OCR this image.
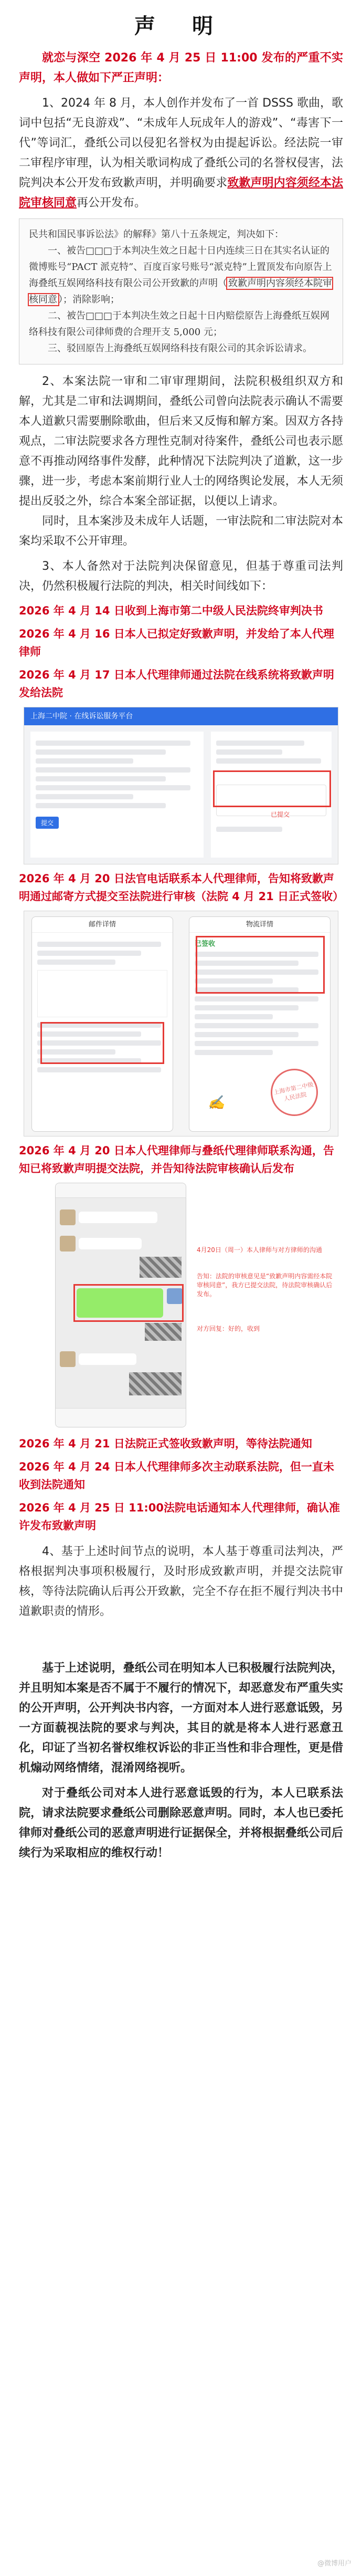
声 明

就恋与深空 2026 年 4 月 25 日 11:00 发布的严重不实声明，本人做如下严正声明：

1、2024 年 8 月，本人创作并发布了一首 DSSS 歌曲，歌词中包括“无良游戏”、“未成年人玩成年人的游戏”、“毒害下一代”等词汇，叠纸公司以侵犯名誉权为由提起诉讼。经法院一审二审程序审理，认为相关歌词构成了叠纸公司的名誉权侵害，法院判决本公开发布致歉声明，并明确要求致歉声明内容须经本法院审核同意再公开发布。

民共和国民事诉讼法》的解释》第八十五条规定，判决如下：
一、被告□□□于本判决生效之日起十日内连续三日在其实名认证的微博账号“PACT 派克特”、百度百家号账号“派克特”上置顶发布向原告上海叠纸互娱网络科技有限公司公开致歉的声明（ 致歉声明内容须经本院审核同意 ）；消除影响；
二、被告□□□于本判决生效之日起十日内赔偿原告上海叠纸互娱网络科技有限公司律师费的合理开支 5,000 元；
三、驳回原告上海叠纸互娱网络科技有限公司的其余诉讼请求。

2、本案法院一审和二审审理期间，法院积极组织双方和解，尤其是二审和法调期间，叠纸公司曾向法院表示确认不需要本人道歉只需要删除歌曲，但后来又反悔和解方案。因双方各持观点，二审法院要求各方理性克制对待案件，叠纸公司也表示愿意不再推动网络事件发酵，此种情况下法院判决了道歉，这一步骤，进一步，考虑本案前期行业人士的网络舆论发展，本人无须提出反驳之外，综合本案全部证据，以便以上请求。

同时，且本案涉及未成年人话题，一审法院和二审法院对本案均采取不公开审理。

3、本人备然对于法院判决保留意见，但基于尊重司法判决，仍然积极履行法院的判决，相关时间线如下：

2026 年 4 月 14 日收到上海市第二中级人民法院终审判决书
2026 年 4 月 16 日本人已拟定好致歉声明，并发给了本人代理律师
2026 年 4 月 17 日本人代理律师通过法院在线系统将致歉声明发给法院
上海二中院 · 在线诉讼服务平台
提交
已提交
2026 年 4 月 20 日法官电话联系本人代理律师，告知将致歉声明通过邮寄方式提交至法院进行审核（法院 4 月 21 日正式签收）
邮件详情	物流详情
已签收
上海市第二中级人民法院
✍
2026 年 4 月 20 日本人代理律师与叠纸代理律师联系沟通，告知已将致歉声明提交法院，并告知待法院审核确认后发布
4月20日（周一）本人律师与对方律师的沟通
告知：法院的审核意见是“致歉声明内容需经本院审核同意”，我方已提交法院，待法院审核确认后发布。
对方回复：好的，收到
2026 年 4 月 21 日法院正式签收致歉声明，等待法院通知
2026 年 4 月 24 日本人代理律师多次主动联系法院，但一直未收到法院通知
2026 年 4 月 25 日 11:00法院电话通知本人代理律师，确认准许发布致歉声明

4、基于上述时间节点的说明，本人基于尊重司法判决，严格根据判决事项积极履行，及时形成致歉声明，并提交法院审核，等待法院确认后再公开致歉，完全不存在拒不履行判决书中道歉职责的情形。

基于上述说明，叠纸公司在明知本人已积极履行法院判决，并且明知本案是否不属于不履行的情况下，却恶意发布严重失实的公开声明，公开判决书内容，一方面对本人进行恶意诋毁，另一方面藐视法院的要求与判决，其目的就是将本人进行恶意丑化，印证了当初名誉权维权诉讼的非正当性和非合理性，更是借机煽动网络情绪，混淆网络视听。

对于叠纸公司对本人进行恶意诋毁的行为，本人已联系法院，请求法院要求叠纸公司删除恶意声明。同时，本人也已委托律师对叠纸公司的恶意声明进行证据保全，并将根据叠纸公司后续行为采取相应的维权行动！

@微博用户
